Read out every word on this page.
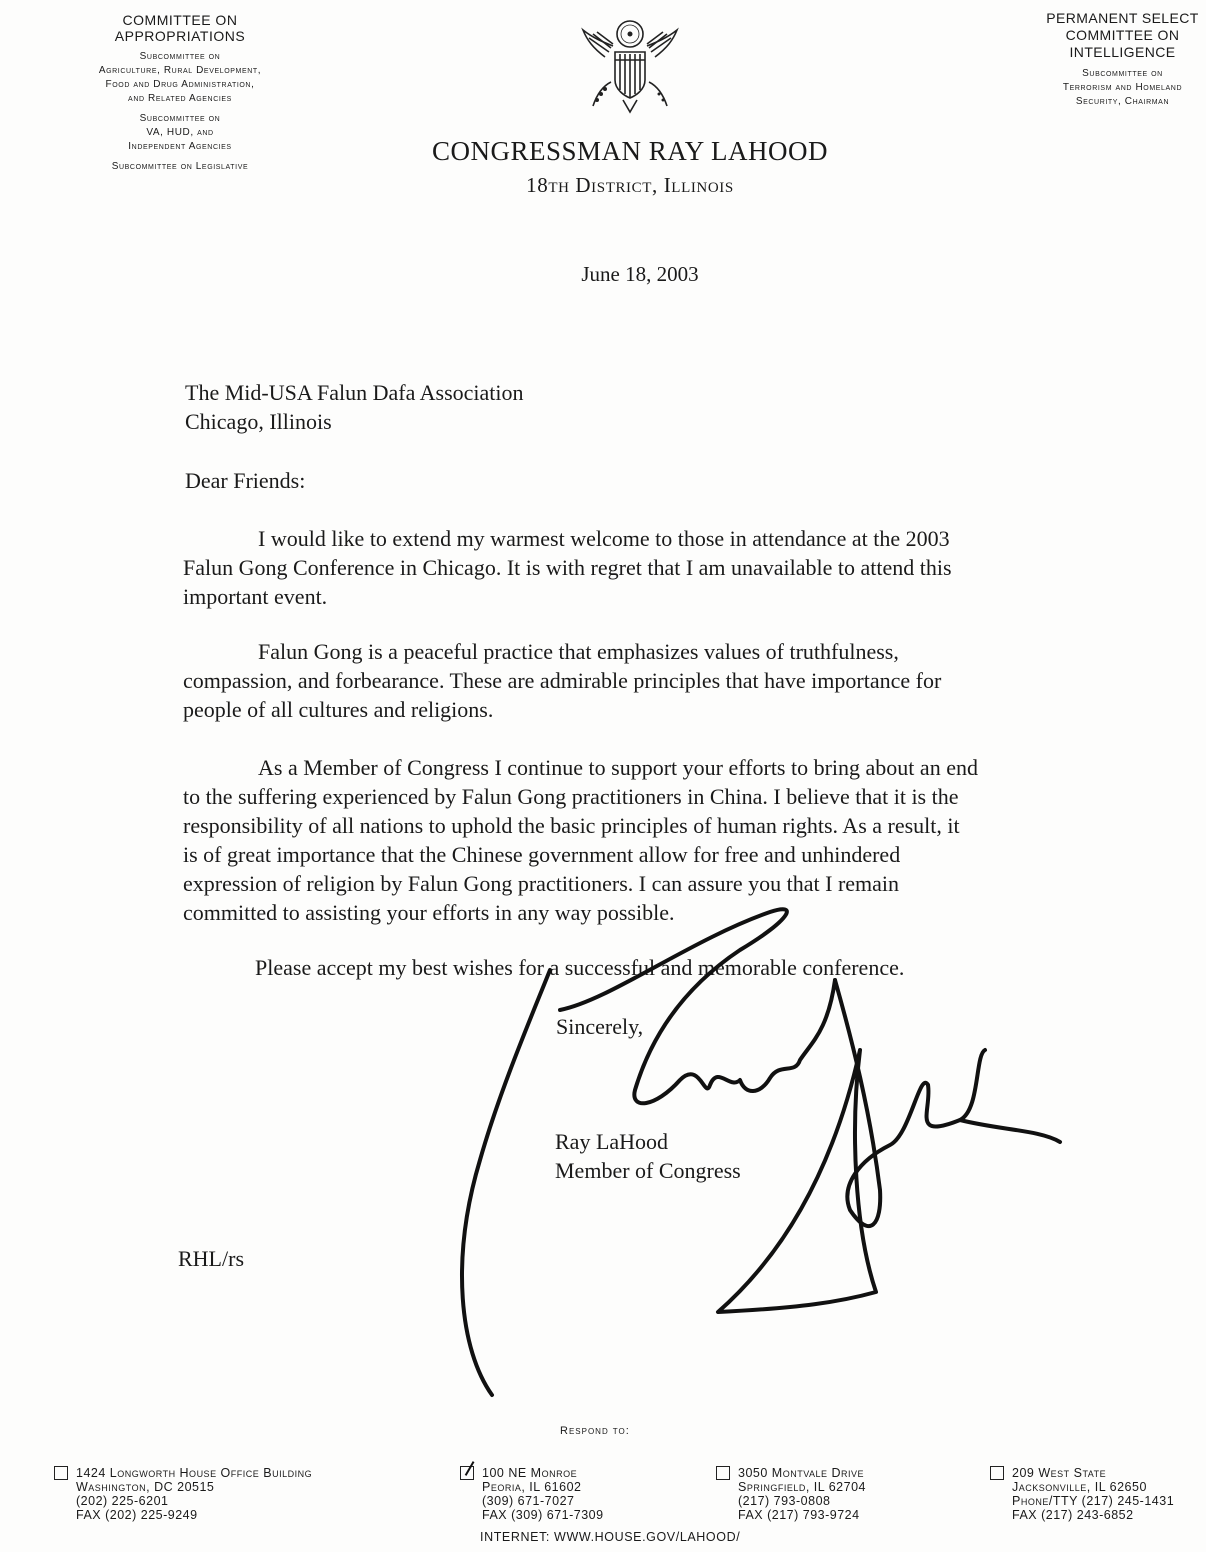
COMMITTEE ON
APPROPRIATIONS
Subcommittee on
Agriculture, Rural Development,
Food and Drug Administration,
and Related Agencies
Subcommittee on
VA, HUD, and
Independent Agencies
Subcommittee on Legislative
PERMANENT SELECT
COMMITTEE ON
INTELLIGENCE
Subcommittee on
Terrorism and Homeland
Security, Chairman
CONGRESSMAN RAY LAHOOD
18th District, Illinois
June 18, 2003
The Mid-USA Falun Dafa Association
Chicago, Illinois
Dear Friends:
I would like to extend my warmest welcome to those in attendance at the 2003
Falun Gong Conference in Chicago. It is with regret that I am unavailable to attend this
important event.
Falun Gong is a peaceful practice that emphasizes values of truthfulness,
compassion, and forbearance. These are admirable principles that have importance for
people of all cultures and religions.
As a Member of Congress I continue to support your efforts to bring about an end
to the suffering experienced by Falun Gong practitioners in China. I believe that it is the
responsibility of all nations to uphold the basic principles of human rights. As a result, it
is of great importance that the Chinese government allow for free and unhindered
expression of religion by Falun Gong practitioners. I can assure you that I remain
committed to assisting your efforts in any way possible.
Please accept my best wishes for a successful and memorable conference.
Sincerely,
Ray LaHood
Member of Congress
RHL/rs
Respond to:
1424 Longworth House Office Building
Washington, DC 20515
(202) 225-6201
FAX (202) 225-9249
100 NE Monroe
Peoria, IL 61602
(309) 671-7027
FAX (309) 671-7309
3050 Montvale Drive
Springfield, IL 62704
(217) 793-0808
FAX (217) 793-9724
209 West State
Jacksonville, IL 62650
Phone/TTY (217) 245-1431
FAX (217) 243-6852
INTERNET: WWW.HOUSE.GOV/LAHOOD/
